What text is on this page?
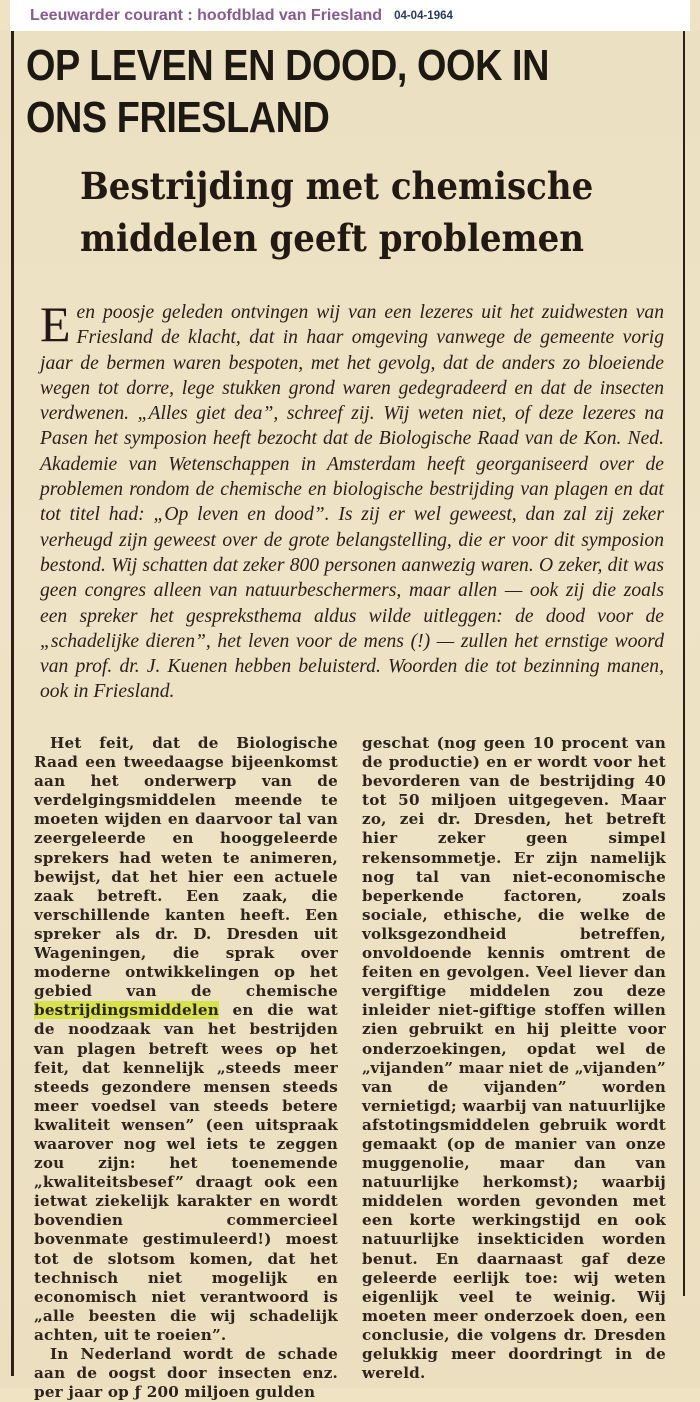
Leeuwarder courant : hoofdblad van Friesland 04-04-1964
OP LEVEN EN DOOD, OOK IN
ONS FRIESLAND
Bestrijding met chemische
middelen geeft problemen
Een poosje geleden ontvingen wij van een lezeres uit het zuidwesten van Friesland de klacht, dat in haar omgeving vanwege de gemeente vorig jaar de bermen waren bespoten, met het gevolg, dat de anders zo bloeiende wegen tot dorre, lege stukken grond waren gedegradeerd en dat de insecten verdwenen. „Alles giet dea”, schreef zij. Wij weten niet, of deze lezeres na Pasen het symposion heeft bezocht dat de Biologische Raad van de Kon. Ned. Akademie van Wetenschappen in Amsterdam heeft georganiseerd over de problemen rondom de chemische en biologische bestrijding van plagen en dat tot titel had: „Op leven en dood”. Is zij er wel geweest, dan zal zij zeker verheugd zijn geweest over de grote belangstelling, die er voor dit symposion bestond. Wij schatten dat zeker 800 personen aanwezig waren. O zeker, dit was geen congres alleen van natuurbeschermers, maar allen — ook zij die zoals een spreker het gespreksthema aldus wilde uitleggen: de dood voor de „schadelijke dieren”, het leven voor de mens (!) — zullen het ernstige woord van prof. dr. J. Kuenen hebben beluisterd. Woorden die tot bezinning manen, ook in Friesland.

Het feit, dat de Biologische Raad een tweedaagse bijeenkomst aan het onderwerp van de verdelgingsmiddelen meende te moeten wijden en daarvoor tal van zeergeleerde en hooggeleerde sprekers had weten te animeren, bewijst, dat het hier een actuele zaak betreft. Een zaak, die verschillende kanten heeft. Een spreker als dr. D. Dresden uit Wageningen, die sprak over moderne ontwikkelingen op het gebied van de chemische bestrijdingsmiddelen en die wat de noodzaak van het bestrijden van plagen betreft wees op het feit, dat kennelijk „steeds meer steeds gezondere mensen steeds meer voedsel van steeds betere kwaliteit wensen” (een uitspraak waarover nog wel iets te zeggen zou zijn: het toenemende „kwaliteitsbesef” draagt ook een ietwat ziekelijk karakter en wordt bovendien commercieel bovenmate gestimuleerd!) moest tot de slotsom komen, dat het technisch niet mogelijk en economisch niet verantwoord is „alle beesten die wij schadelijk achten, uit te roeien”.

In Nederland wordt de schade aan de oogst door insecten enz. per jaar op ƒ 200 miljoen gulden

geschat (nog geen 10 procent van de productie) en er wordt voor het bevorderen van de bestrijding 40 tot 50 miljoen uitgegeven. Maar zo, zei dr. Dresden, het betreft hier zeker geen simpel rekensommetje. Er zijn namelijk nog tal van niet-economische beperkende factoren, zoals sociale, ethische, die welke de volksgezondheid betreffen, onvoldoende kennis omtrent de feiten en gevolgen. Veel liever dan vergiftige middelen zou deze inleider niet-giftige stoffen willen zien gebruikt en hij pleitte voor onderzoekingen, opdat wel de „vijanden” maar niet de „vijanden” van de vijanden” worden vernietigd; waarbij van natuurlijke afstotingsmiddelen gebruik wordt gemaakt (op de manier van onze muggenolie, maar dan van natuurlijke herkomst); waarbij middelen worden gevonden met een korte werkingstijd en ook natuurlijke insekticiden worden benut. En daarnaast gaf deze geleerde eerlijk toe: wij weten eigenlijk veel te weinig. Wij moeten meer onderzoek doen, een conclusie, die volgens dr. Dresden gelukkig meer doordringt in de wereld.
